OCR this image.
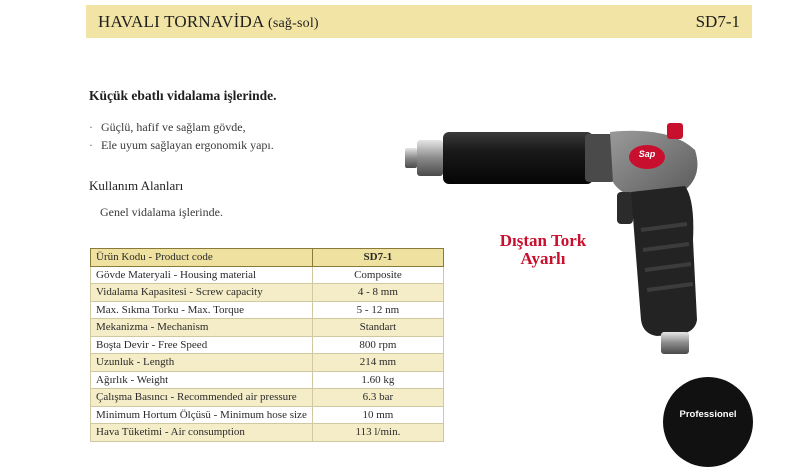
HAVALI TORNAVİDA (sağ-sol)	SD7-1
Küçük ebatlı vidalama işlerinde.
· Güçlü, hafif ve sağlam gövde,
· Ele uyum sağlayan ergonomik yapı.
Kullanım Alanları
Genel vidalama işlerinde.
Ürün Kodu - Product code	SD7-1
Gövde Materyali - Housing material	Composite
Vidalama Kapasitesi - Screw capacity	4 - 8 mm
Max. Sıkma Torku - Max. Torque	5 - 12 nm
Mekanizma - Mechanism	Standart
Boşta Devir - Free Speed	800 rpm
Uzunluk - Length	214 mm
Ağırlık - Weight	1.60 kg
Çalışma Basıncı - Recommended air pressure	6.3 bar
Minimum Hortum Ölçüsü - Minimum hose size	10 mm
Hava Tüketimi - Air consumption	113 l/min.
Sap
Dıştan Tork
Ayarlı
Professionel
